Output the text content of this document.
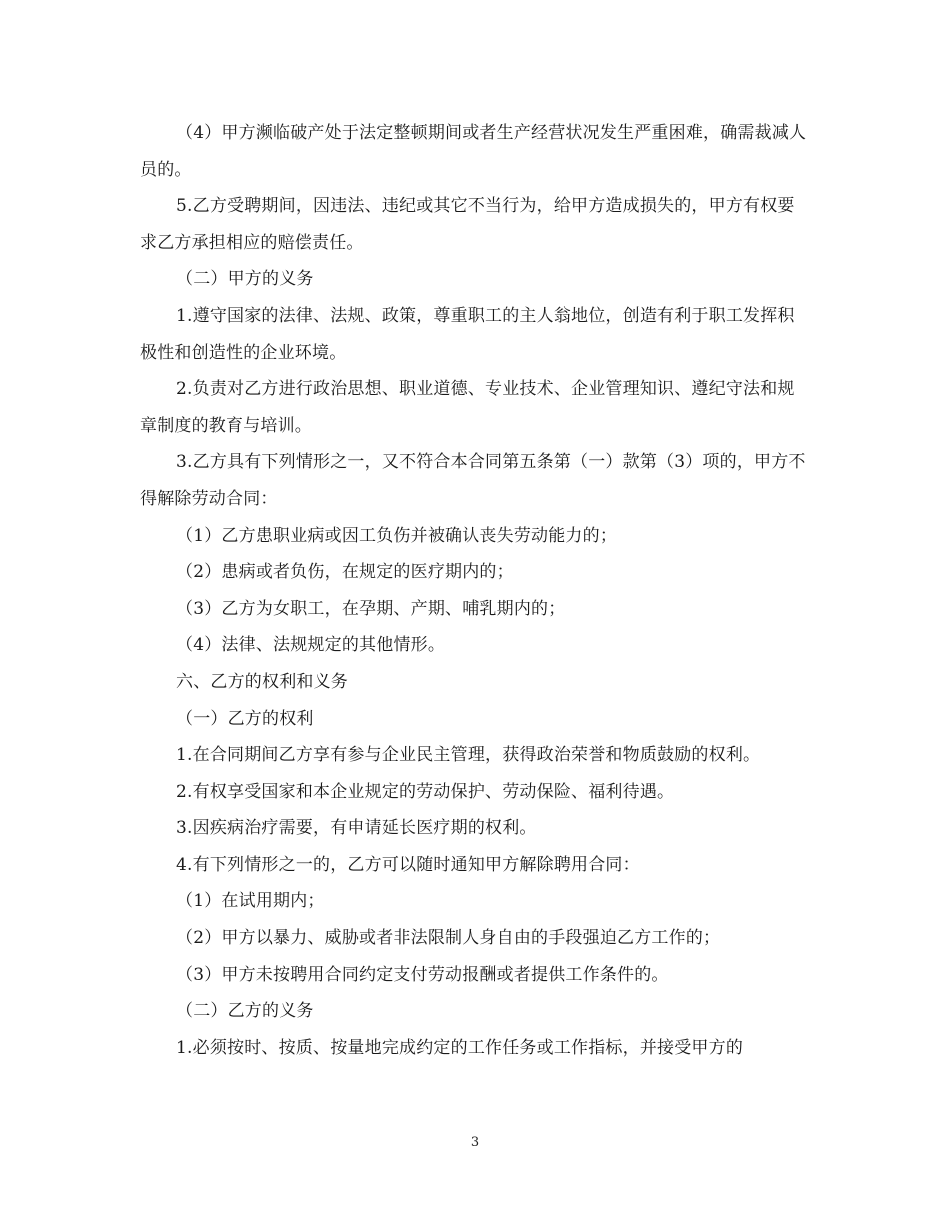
（4）甲方濒临破产处于法定整顿期间或者生产经营状况发生严重困难，确需裁减人员的。

5.乙方受聘期间，因违法、违纪或其它不当行为，给甲方造成损失的，甲方有权要求乙方承担相应的赔偿责任。

（二）甲方的义务

1.遵守国家的法律、法规、政策，尊重职工的主人翁地位，创造有利于职工发挥积极性和创造性的企业环境。

2.负责对乙方进行政治思想、职业道德、专业技术、企业管理知识、遵纪守法和规章制度的教育与培训。

3.乙方具有下列情形之一，又不符合本合同第五条第（一）款第（3）项的，甲方不得解除劳动合同：

（1）乙方患职业病或因工负伤并被确认丧失劳动能力的；

（2）患病或者负伤，在规定的医疗期内的；

（3）乙方为女职工，在孕期、产期、哺乳期内的；

（4）法律、法规规定的其他情形。

六、乙方的权利和义务

（一）乙方的权利

1.在合同期间乙方享有参与企业民主管理，获得政治荣誉和物质鼓励的权利。

2.有权享受国家和本企业规定的劳动保护、劳动保险、福利待遇。

3.因疾病治疗需要，有申请延长医疗期的权利。

4.有下列情形之一的，乙方可以随时通知甲方解除聘用合同：

（1）在试用期内；

（2）甲方以暴力、威胁或者非法限制人身自由的手段强迫乙方工作的；

（3）甲方未按聘用合同约定支付劳动报酬或者提供工作条件的。

（二）乙方的义务

1.必须按时、按质、按量地完成约定的工作任务或工作指标，并接受甲方的

3
